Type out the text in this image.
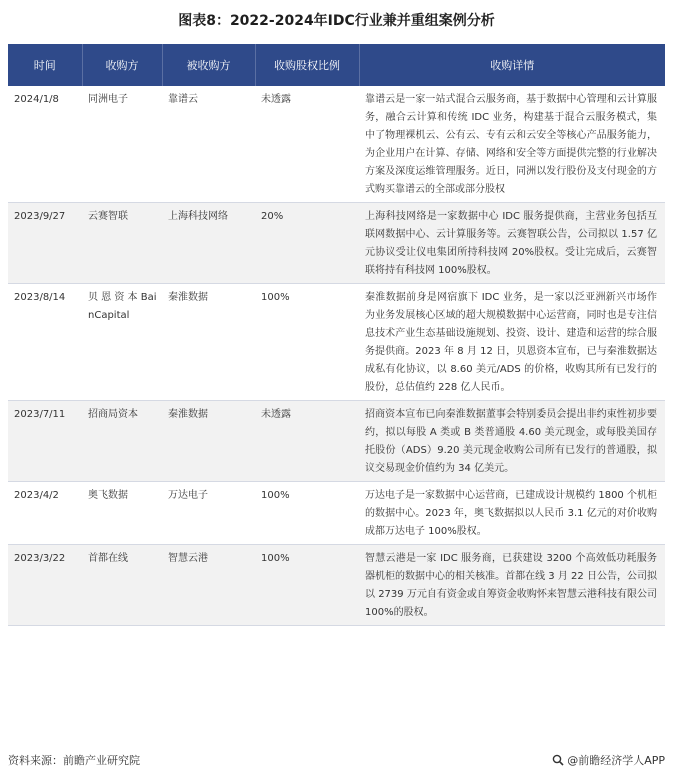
图表8：2022-2024年IDC行业兼并重组案例分析
时间	收购方	被收购方	收购股权比例	收购详情
2024/1/8	同洲电子	靠谱云	未透露	靠谱云是一家一站式混合云服务商，基于数据中心管理和云计算服务，融合云计算和传统 IDC 业务，构建基于混合云服务模式，集中了物理裸机云、公有云、专有云和云安全等核心产品服务能力，为企业用户在计算、存储、网络和安全等方面提供完整的行业解决方案及深度运维管理服务。近日，同洲以发行股份及支付现金的方式购买靠谱云的全部或部分股权
2023/9/27	云赛智联	上海科技网络	20%	上海科技网络是一家数据中心 IDC 服务提供商，主营业务包括互联网数据中心、云计算服务等。云赛智联公告，公司拟以 1.57 亿元协议受让仪电集团所持科技网 20%股权。受让完成后，云赛智联将持有科技网 100%股权。
2023/8/14	贝 恩 资 本 BainCapital	秦淮数据	100%	秦淮数据前身是网宿旗下 IDC 业务，是一家以泛亚洲新兴市场作为业务发展核心区域的超大规模数据中心运营商，同时也是专注信息技术产业生态基础设施规划、投资、设计、建造和运营的综合服务提供商。2023 年 8 月 12 日，贝恩资本宣布，已与秦淮数据达成私有化协议，以 8.60 美元/ADS 的价格，收购其所有已发行的股份，总估值约 228 亿人民币。
2023/7/11	招商局资本	秦淮数据	未透露	招商资本宣布已向秦淮数据董事会特别委员会提出非约束性初步要约，拟以每股 A 类或 B 类普通股 4.60 美元现金，或每股美国存托股份（ADS）9.20 美元现金收购公司所有已发行的普通股，拟议交易现金价值约为 34 亿美元。
2023/4/2	奥飞数据	万达电子	100%	万达电子是一家数据中心运营商，已建成设计规模约 1800 个机柜的数据中心。2023 年，奥飞数据拟以人民币 3.1 亿元的对价收购成都万达电子 100%股权。
2023/3/22	首都在线	智慧云港	100%	智慧云港是一家 IDC 服务商，已获建设 3200 个高效低功耗服务器机柜的数据中心的相关核准。首都在线 3 月 22 日公告，公司拟以 2739 万元自有资金或自筹资金收购怀来智慧云港科技有限公司 100%的股权。
资料来源：前瞻产业研究院	@前瞻经济学人APP
